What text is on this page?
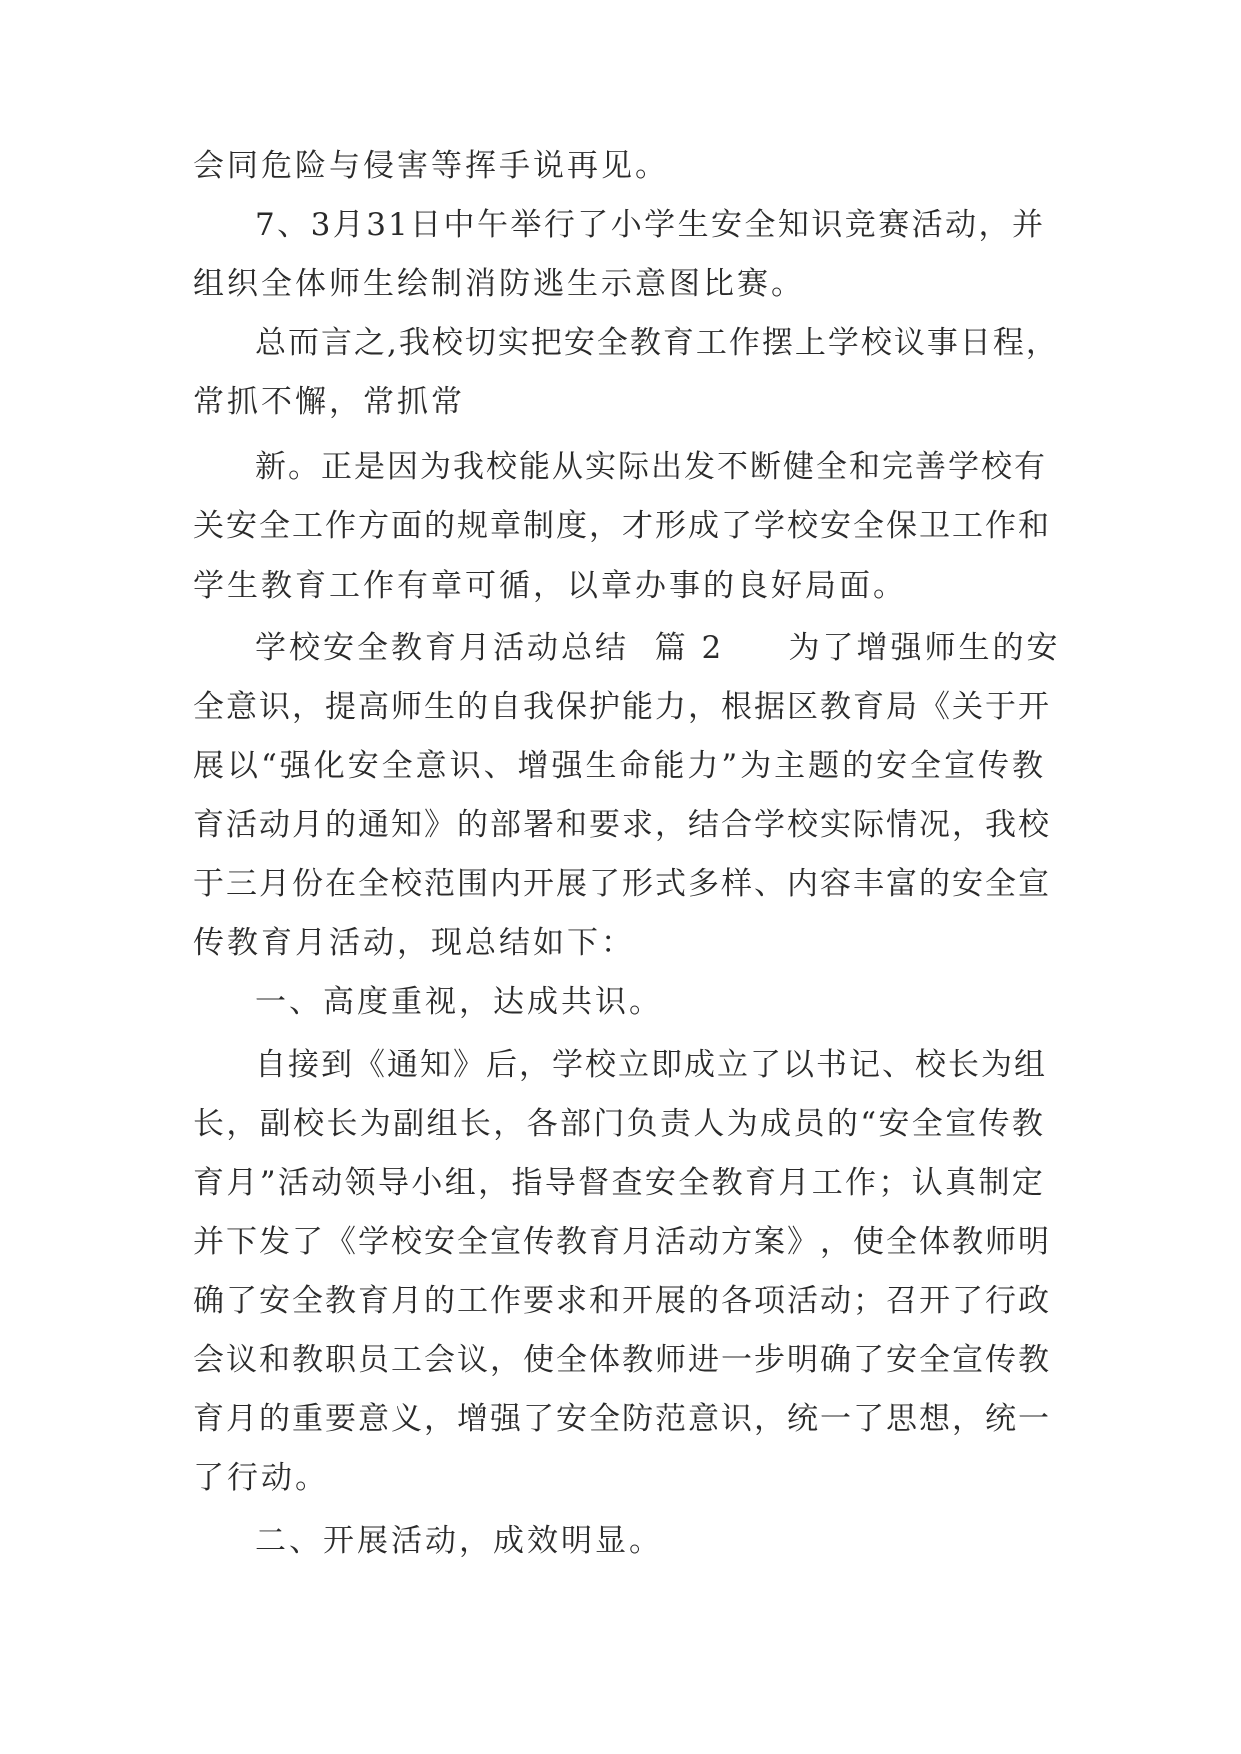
会同危险与侵害等挥手说再见。
7 、 3 月 31 日 中 午 举 行 了 小 学 生 安 全 知 识 竞 赛 活 动 ， 并
组织全体师生绘制消防逃生示意图比赛。
总 而 言 之 , 我 校 切 实 把 安 全 教 育 工 作 摆 上 学 校 议 事 日 程 ，
常抓不懈，常抓常
新 。 正 是 因 为 我 校 能 从 实 际 出 发 不 断 健 全 和 完 善 学 校 有
关 安 全 工 作 方 面 的 规 章 制 度 ， 才 形 成 了 学 校 安 全 保 卫 工 作 和
学生教育工作有章可循，以章办事的良好局面。
学校安全教育月活动总结  篇 2     为了增强师生的安
全 意 识 ， 提 高 师 生 的 自 我 保 护 能 力 ， 根 据 区 教 育 局 《 关 于 开
展 以 “ 强 化 安 全 意 识 、 增 强 生 命 能 力 ” 为 主 题 的 安 全 宣 传 教
育 活 动 月 的 通 知 》 的 部 署 和 要 求 ， 结 合 学 校 实 际 情 况 ， 我 校
于 三 月 份 在 全 校 范 围 内 开 展 了 形 式 多 样 、 内 容 丰 富 的 安 全 宣
传教育月活动，现总结如下：
一、高度重视，达成共识。
自 接 到 《 通 知 》 后 ， 学 校 立 即 成 立 了 以 书 记 、 校 长 为 组
长 ， 副 校 长 为 副 组 长 ， 各 部 门 负 责 人 为 成 员 的 “ 安 全 宣 传 教
育 月 ” 活 动 领 导 小 组 ， 指 导 督 查 安 全 教 育 月 工 作 ； 认 真 制 定
并 下 发 了 《 学 校 安 全 宣 传 教 育 月 活 动 方 案 》 ， 使 全 体 教 师 明
确 了 安 全 教 育 月 的 工 作 要 求 和 开 展 的 各 项 活 动 ； 召 开 了 行 政
会 议 和 教 职 员 工 会 议 ， 使 全 体 教 师 进 一 步 明 确 了 安 全 宣 传 教
育 月 的 重 要 意 义 ， 增 强 了 安 全 防 范 意 识 ， 统 一 了 思 想 ， 统 一
了行动。
二、开展活动，成效明显。
